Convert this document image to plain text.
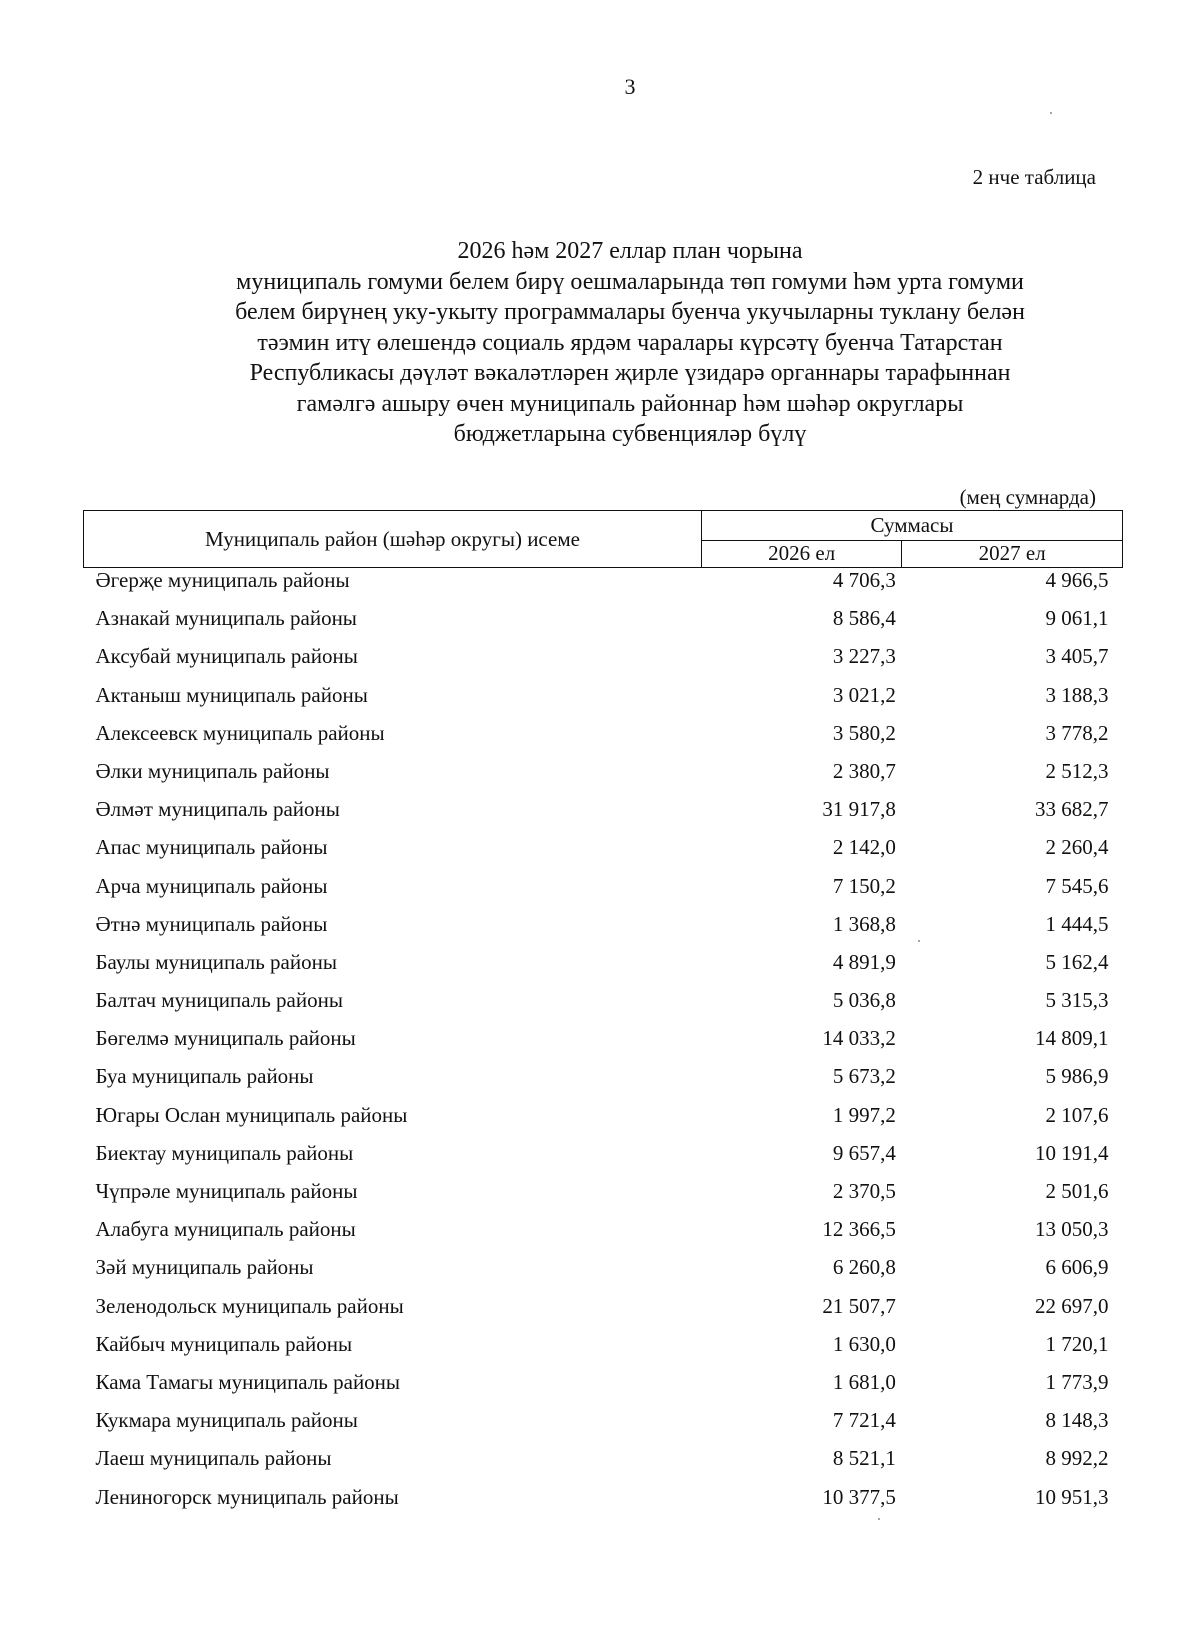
3
2 нче таблица
2026 һәм 2027 еллар план чорына
муниципаль гомуми белем бирү оешмаларында төп гомуми һәм урта гомуми
белем бирүнең уку-укыту программалары буенча укучыларны туклану белән
тәэмин итү өлешендә социаль ярдәм чаралары күрсәтү буенча Татарстан
Республикасы дәүләт вәкаләтләрен җирле үзидарә органнары тарафыннан
гамәлгә ашыру өчен муниципаль районнар һәм шәһәр округлары
бюджетларына субвенцияләр бүлү
(мең сумнарда)
Муниципаль район (шәһәр округы) исеме	Суммасы	
	2026 ел	2027 ел
Әгерҗе муниципаль районы	4 706,3	4 966,5
Азнакай муниципаль районы	8 586,4	9 061,1
Аксубай муниципаль районы	3 227,3	3 405,7
Актаныш муниципаль районы	3 021,2	3 188,3
Алексеевск муниципаль районы	3 580,2	3 778,2
Әлки муниципаль районы	2 380,7	2 512,3
Әлмәт муниципаль районы	31 917,8	33 682,7
Апас муниципаль районы	2 142,0	2 260,4
Арча муниципаль районы	7 150,2	7 545,6
Әтнә муниципаль районы	1 368,8	1 444,5
Баулы муниципаль районы	4 891,9	5 162,4
Балтач муниципаль районы	5 036,8	5 315,3
Бөгелмә муниципаль районы	14 033,2	14 809,1
Буа муниципаль районы	5 673,2	5 986,9
Югары Ослан муниципаль районы	1 997,2	2 107,6
Биектау муниципаль районы	9 657,4	10 191,4
Чүпрәле муниципаль районы	2 370,5	2 501,6
Алабуга муниципаль районы	12 366,5	13 050,3
Зәй муниципаль районы	6 260,8	6 606,9
Зеленодольск муниципаль районы	21 507,7	22 697,0
Кайбыч муниципаль районы	1 630,0	1 720,1
Кама Тамагы муниципаль районы	1 681,0	1 773,9
Кукмара муниципаль районы	7 721,4	8 148,3
Лаеш муниципаль районы	8 521,1	8 992,2
Лениногорск муниципаль районы	10 377,5	10 951,3
